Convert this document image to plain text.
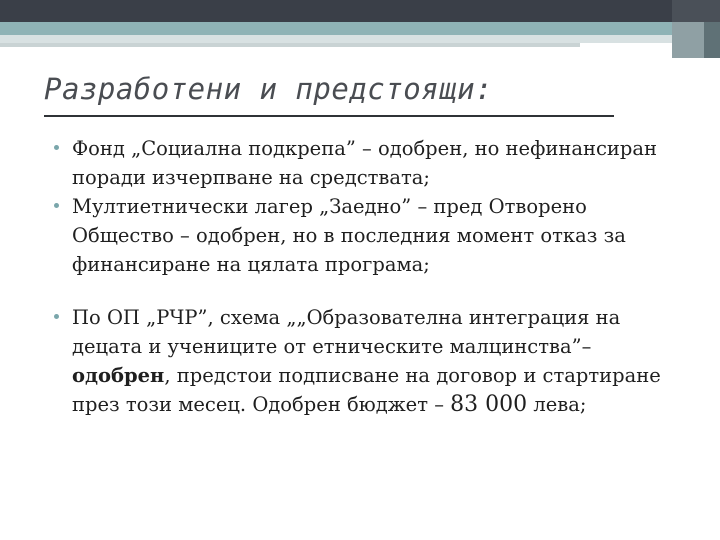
Разработени и предстоящи:
Фонд „Социална подкрепа” – одобрен, но нефинансиран поради изчерпване на средствата;
Мултиетнически лагер „Заедно” – пред Отворено Общество – одобрен, но в последния момент отказ за финансиране на цялата програма;
По ОП „РЧР”, схема „„Образователна интеграция на децата и учениците от етническите малцинства”– одобрен, предстои подписване на договор и стартиране през този месец. Одобрен бюджет – 83 000 лева;
